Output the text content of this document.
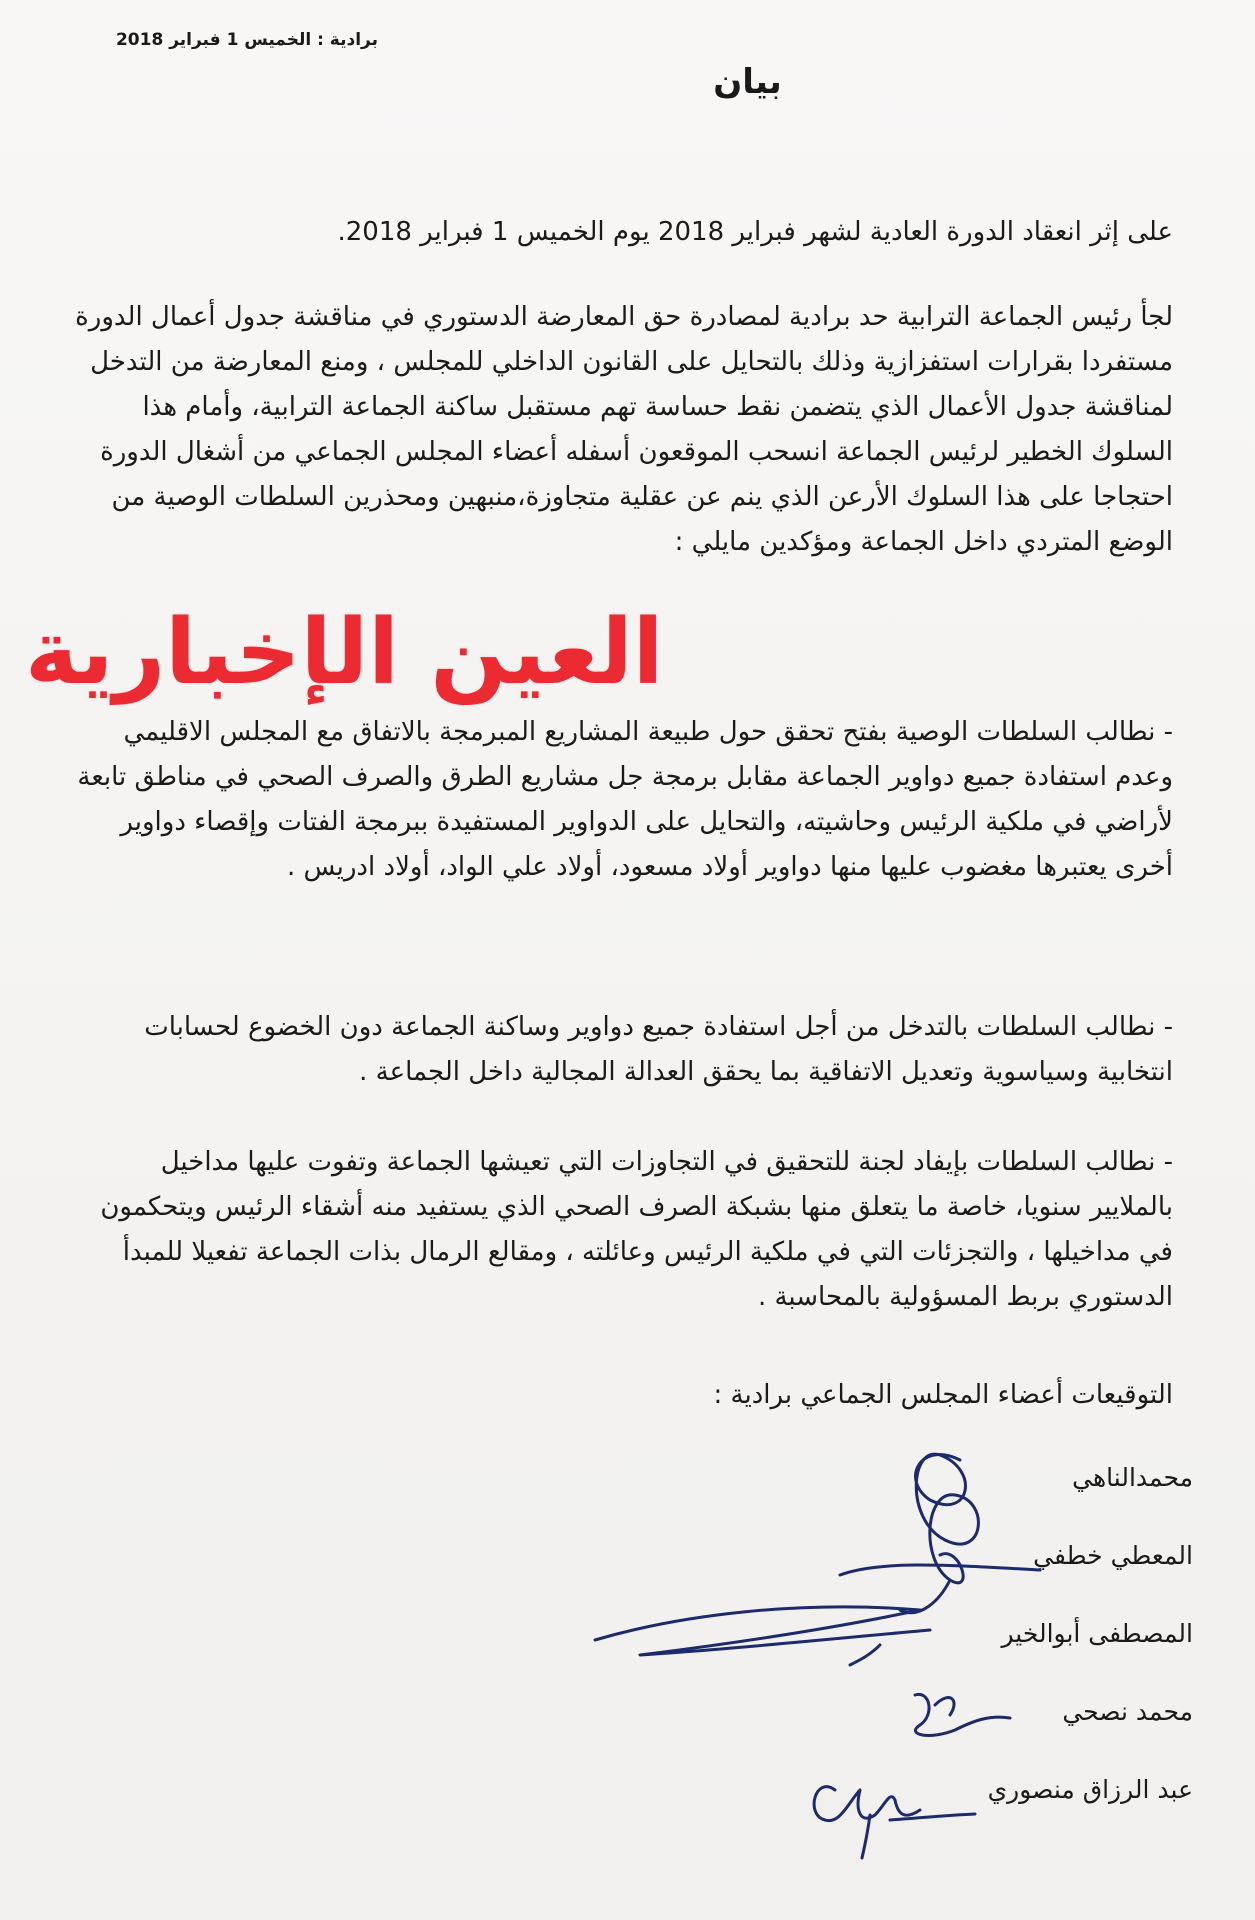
برادية : الخميس 1 فبراير 2018
بيان
على إثر انعقاد الدورة العادية لشهر فبراير 2018 يوم الخميس 1 فبراير 2018.
لجأ رئيس الجماعة الترابية حد برادية لمصادرة حق المعارضة الدستوري في مناقشة جدول أعمال الدورة مستفردا بقرارات استفزازية وذلك بالتحايل على القانون الداخلي للمجلس ، ومنع المعارضة من التدخل لمناقشة جدول الأعمال الذي يتضمن نقط حساسة تهم مستقبل ساكنة الجماعة الترابية، وأمام هذا السلوك الخطير لرئيس الجماعة انسحب الموقعون أسفله أعضاء المجلس الجماعي من أشغال الدورة احتجاجا على هذا السلوك الأرعن الذي ينم عن عقلية متجاوزة،منبهين ومحذرين السلطات الوصية من الوضع المتردي داخل الجماعة ومؤكدين مايلي :
- نطالب السلطات الوصية بفتح تحقق حول طبيعة المشاريع المبرمجة بالاتفاق مع المجلس الاقليمي وعدم استفادة جميع دواوير الجماعة مقابل برمجة جل مشاريع الطرق والصرف الصحي في مناطق تابعة لأراضي في ملكية الرئيس وحاشيته، والتحايل على الدواوير المستفيدة ببرمجة الفتات وإقصاء دواوير أخرى يعتبرها مغضوب عليها منها دواوير أولاد مسعود، أولاد علي الواد، أولاد ادريس .
- نطالب السلطات بالتدخل من أجل استفادة جميع دواوير وساكنة الجماعة دون الخضوع لحسابات انتخابية وسياسوية وتعديل الاتفاقية بما يحقق العدالة المجالية داخل الجماعة .
- نطالب السلطات بإيفاد لجنة للتحقيق في التجاوزات التي تعيشها الجماعة وتفوت عليها مداخيل بالملايير سنويا، خاصة ما يتعلق منها بشبكة الصرف الصحي الذي يستفيد منه أشقاء الرئيس ويتحكمون في مداخيلها ، والتجزئات التي في ملكية الرئيس وعائلته ، ومقالع الرمال بذات الجماعة تفعيلا للمبدأ الدستوري بربط المسؤولية بالمحاسبة .
التوقيعات أعضاء المجلس الجماعي برادية :
محمدالناهي
المعطي خطفي
المصطفى أبوالخير
محمد نصحي
عبد الرزاق منصوري
العين الإخبارية
